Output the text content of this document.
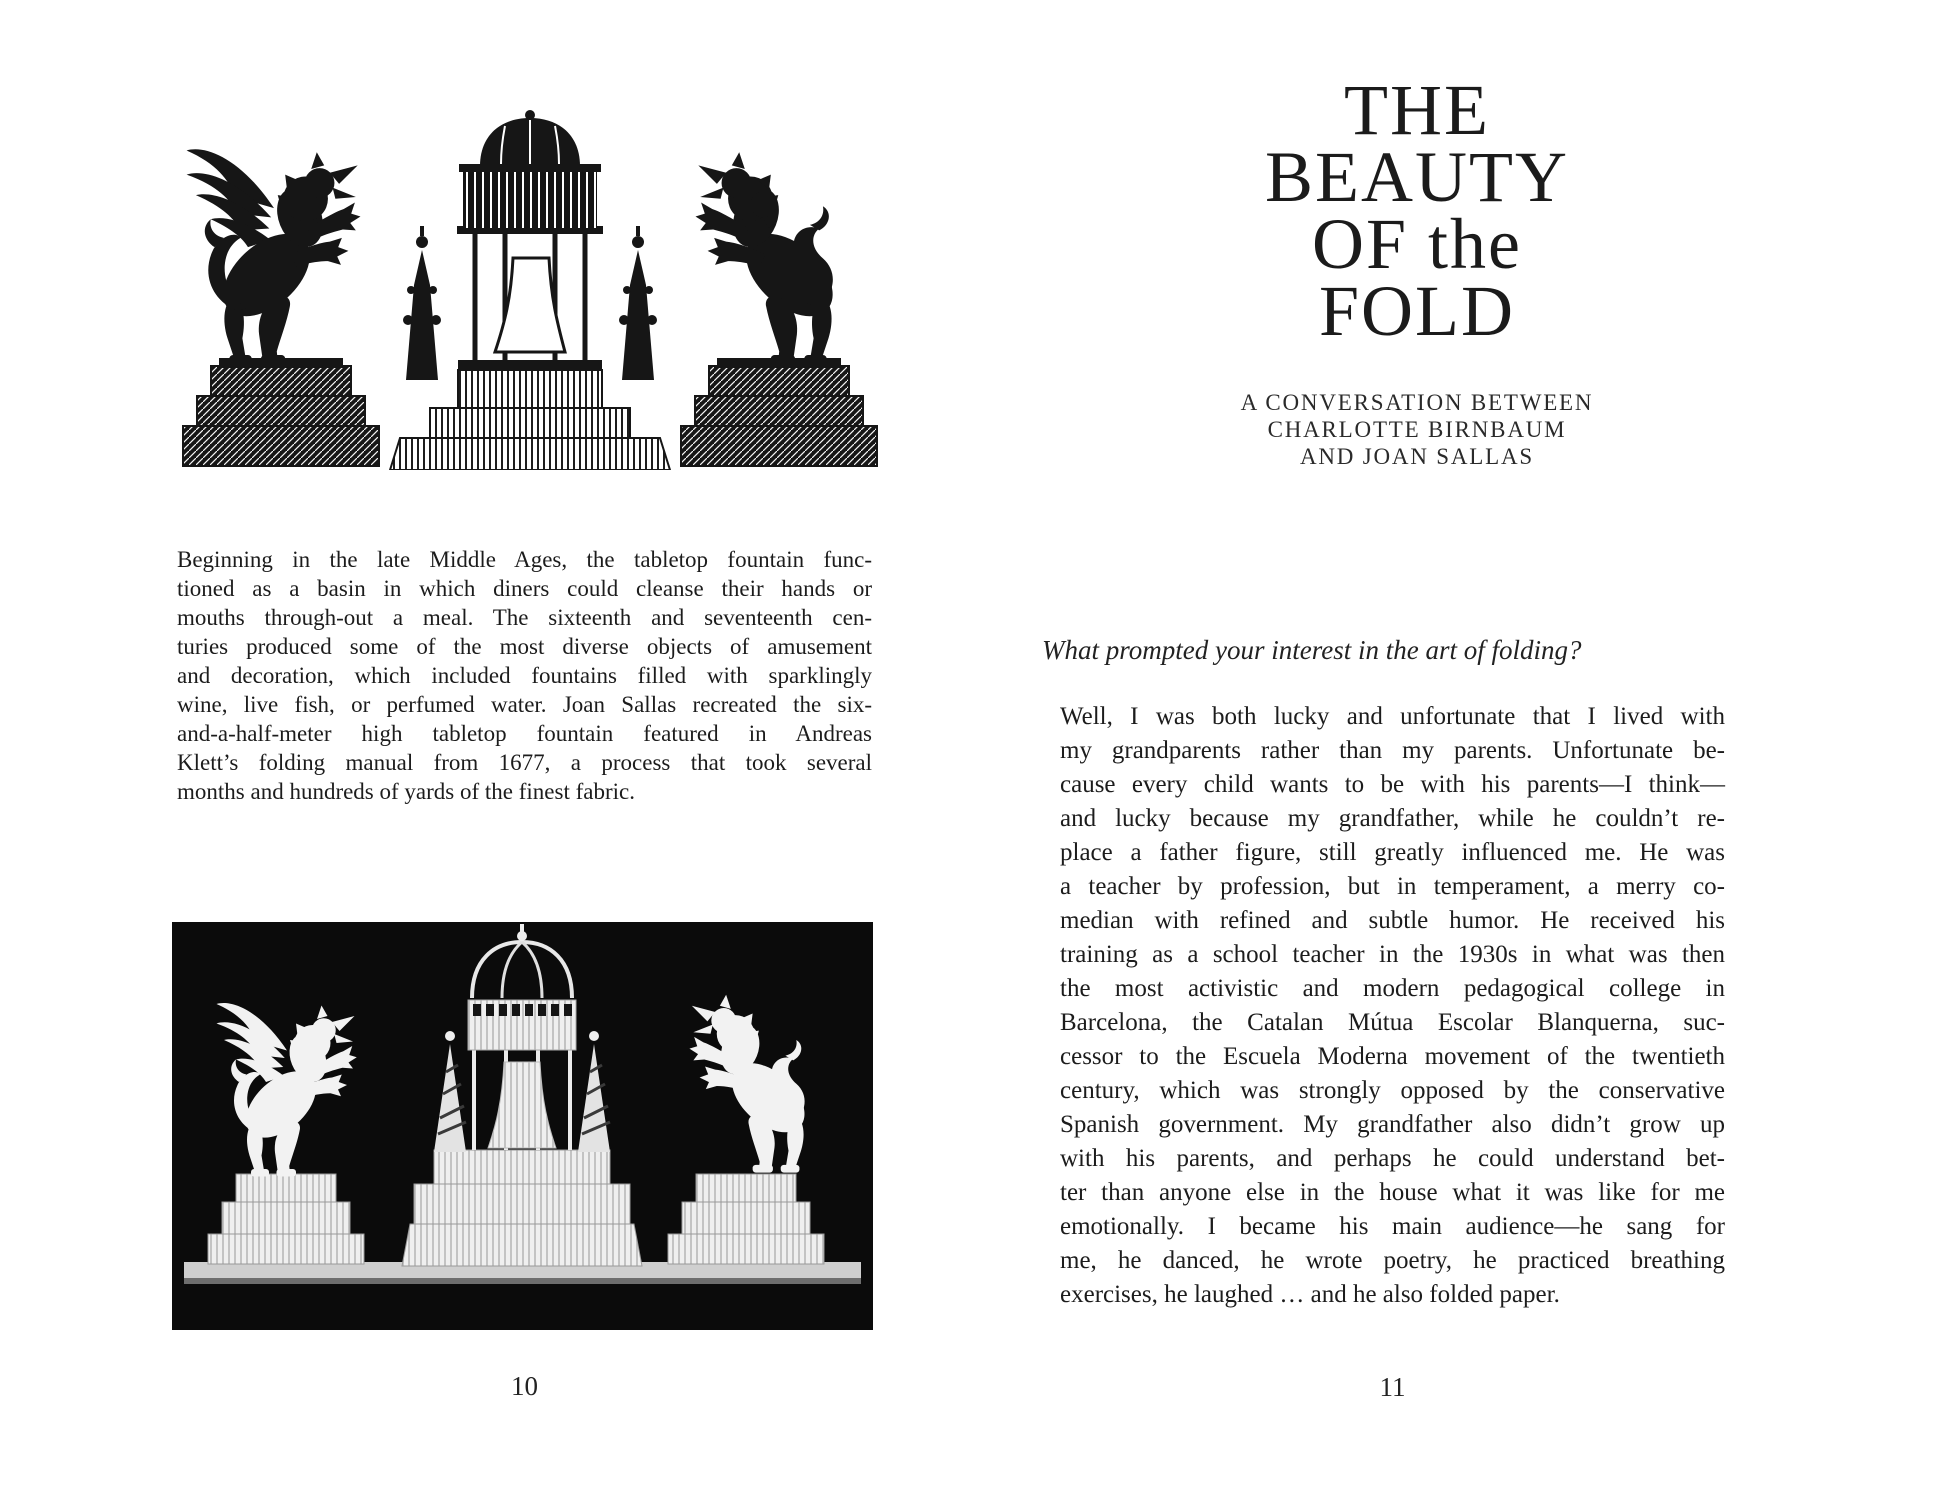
Beginning in the late Middle Ages, the tabletop fountain func-
tioned as a basin in which diners could cleanse their hands or
mouths through-out a meal. The sixteenth and seventeenth cen-
turies produced some of the most diverse objects of amusement
and decoration, which included fountains filled with sparklingly
wine, live fish, or perfumed water. Joan Sallas recreated the six-
and-a-half-meter high tabletop fountain featured in Andreas
Klett’s folding manual from 1677, a process that took several
months and hundreds of yards of the finest fabric.
10
THE
BEAUTY
OF the
FOLD
A CONVERSATION BETWEEN
CHARLOTTE BIRNBAUM
AND JOAN SALLAS
What prompted your interest in the art of folding?
Well, I was both lucky and unfortunate that I lived with
my grandparents rather than my parents. Unfortunate be-
cause every child wants to be with his parents—I think—
and lucky because my grandfather, while he couldn’t re-
place a father figure, still greatly influenced me. He was
a teacher by profession, but in temperament, a merry co-
median with refined and subtle humor. He received his
training as a school teacher in the 1930s in what was then
the most activistic and modern pedagogical college in
Barcelona, the Catalan Mútua Escolar Blanquerna, suc-
cessor to the Escuela Moderna movement of the twentieth
century, which was strongly opposed by the conservative
Spanish government. My grandfather also didn’t grow up
with his parents, and perhaps he could understand bet-
ter than anyone else in the house what it was like for me
emotionally. I became his main audience—he sang for
me, he danced, he wrote poetry, he practiced breathing
exercises, he laughed … and he also folded paper.
11
